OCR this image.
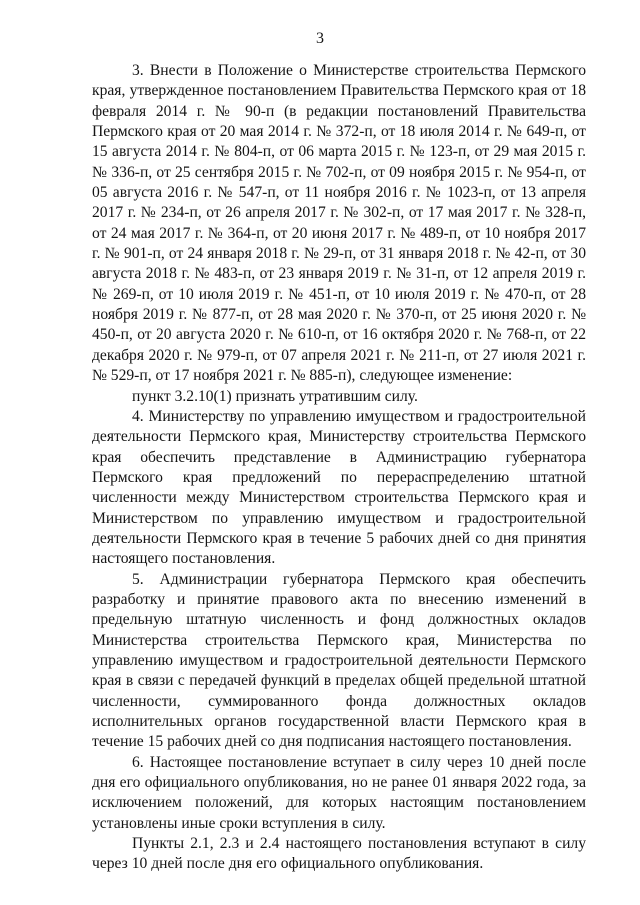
3

3. Внести в Положение о Министерстве строительства Пермского края, утвержденное постановлением Правительства Пермского края от 18 февраля 2014 г. № 90-п (в редакции постановлений Правительства Пермского края от 20 мая 2014 г. № 372-п, от 18 июля 2014 г. № 649-п, от 15 августа 2014 г. № 804-п, от 06 марта 2015 г. № 123-п, от 29 мая 2015 г. № 336-п, от 25 сентября 2015 г. № 702-п, от 09 ноября 2015 г. № 954-п, от 05 августа 2016 г. № 547-п, от 11 ноября 2016 г. № 1023-п, от 13 апреля 2017 г. № 234-п, от 26 апреля 2017 г. № 302-п, от 17 мая 2017 г. № 328-п, от 24 мая 2017 г. № 364-п, от 20 июня 2017 г. № 489-п, от 10 ноября 2017 г. № 901-п, от 24 января 2018 г. № 29-п, от 31 января 2018 г. № 42-п, от 30 августа 2018 г. № 483-п, от 23 января 2019 г. № 31-п, от 12 апреля 2019 г. № 269-п, от 10 июля 2019 г. № 451-п, от 10 июля 2019 г. № 470-п, от 28 ноября 2019 г. № 877-п, от 28 мая 2020 г. № 370-п, от 25 июня 2020 г. № 450-п, от 20 августа 2020 г. № 610-п, от 16 октября 2020 г. № 768-п, от 22 декабря 2020 г. № 979-п, от 07 апреля 2021 г. № 211-п, от 27 июля 2021 г. № 529-п, от 17 ноября 2021 г. № 885-п), следующее изменение:

пункт 3.2.10(1) признать утратившим силу.

4. Министерству по управлению имуществом и градостроительной деятельности Пермского края, Министерству строительства Пермского края обеспечить представление в Администрацию губернатора Пермского края предложений по перераспределению штатной численности между Министерством строительства Пермского края и Министерством по управлению имуществом и градостроительной деятельности Пермского края в течение 5 рабочих дней со дня принятия настоящего постановления.

5. Администрации губернатора Пермского края обеспечить разработку и принятие правового акта по внесению изменений в предельную штатную численность и фонд должностных окладов Министерства строительства Пермского края, Министерства по управлению имуществом и градостроительной деятельности Пермского края в связи с передачей функций в пределах общей предельной штатной численности, суммированного фонда должностных окладов исполнительных органов государственной власти Пермского края в течение 15 рабочих дней со дня подписания настоящего постановления.

6. Настоящее постановление вступает в силу через 10 дней после дня его официального опубликования, но не ранее 01 января 2022 года, за исключением положений, для которых настоящим постановлением установлены иные сроки вступления в силу.

Пункты 2.1, 2.3 и 2.4 настоящего постановления вступают в силу через 10 дней после дня его официального опубликования.
